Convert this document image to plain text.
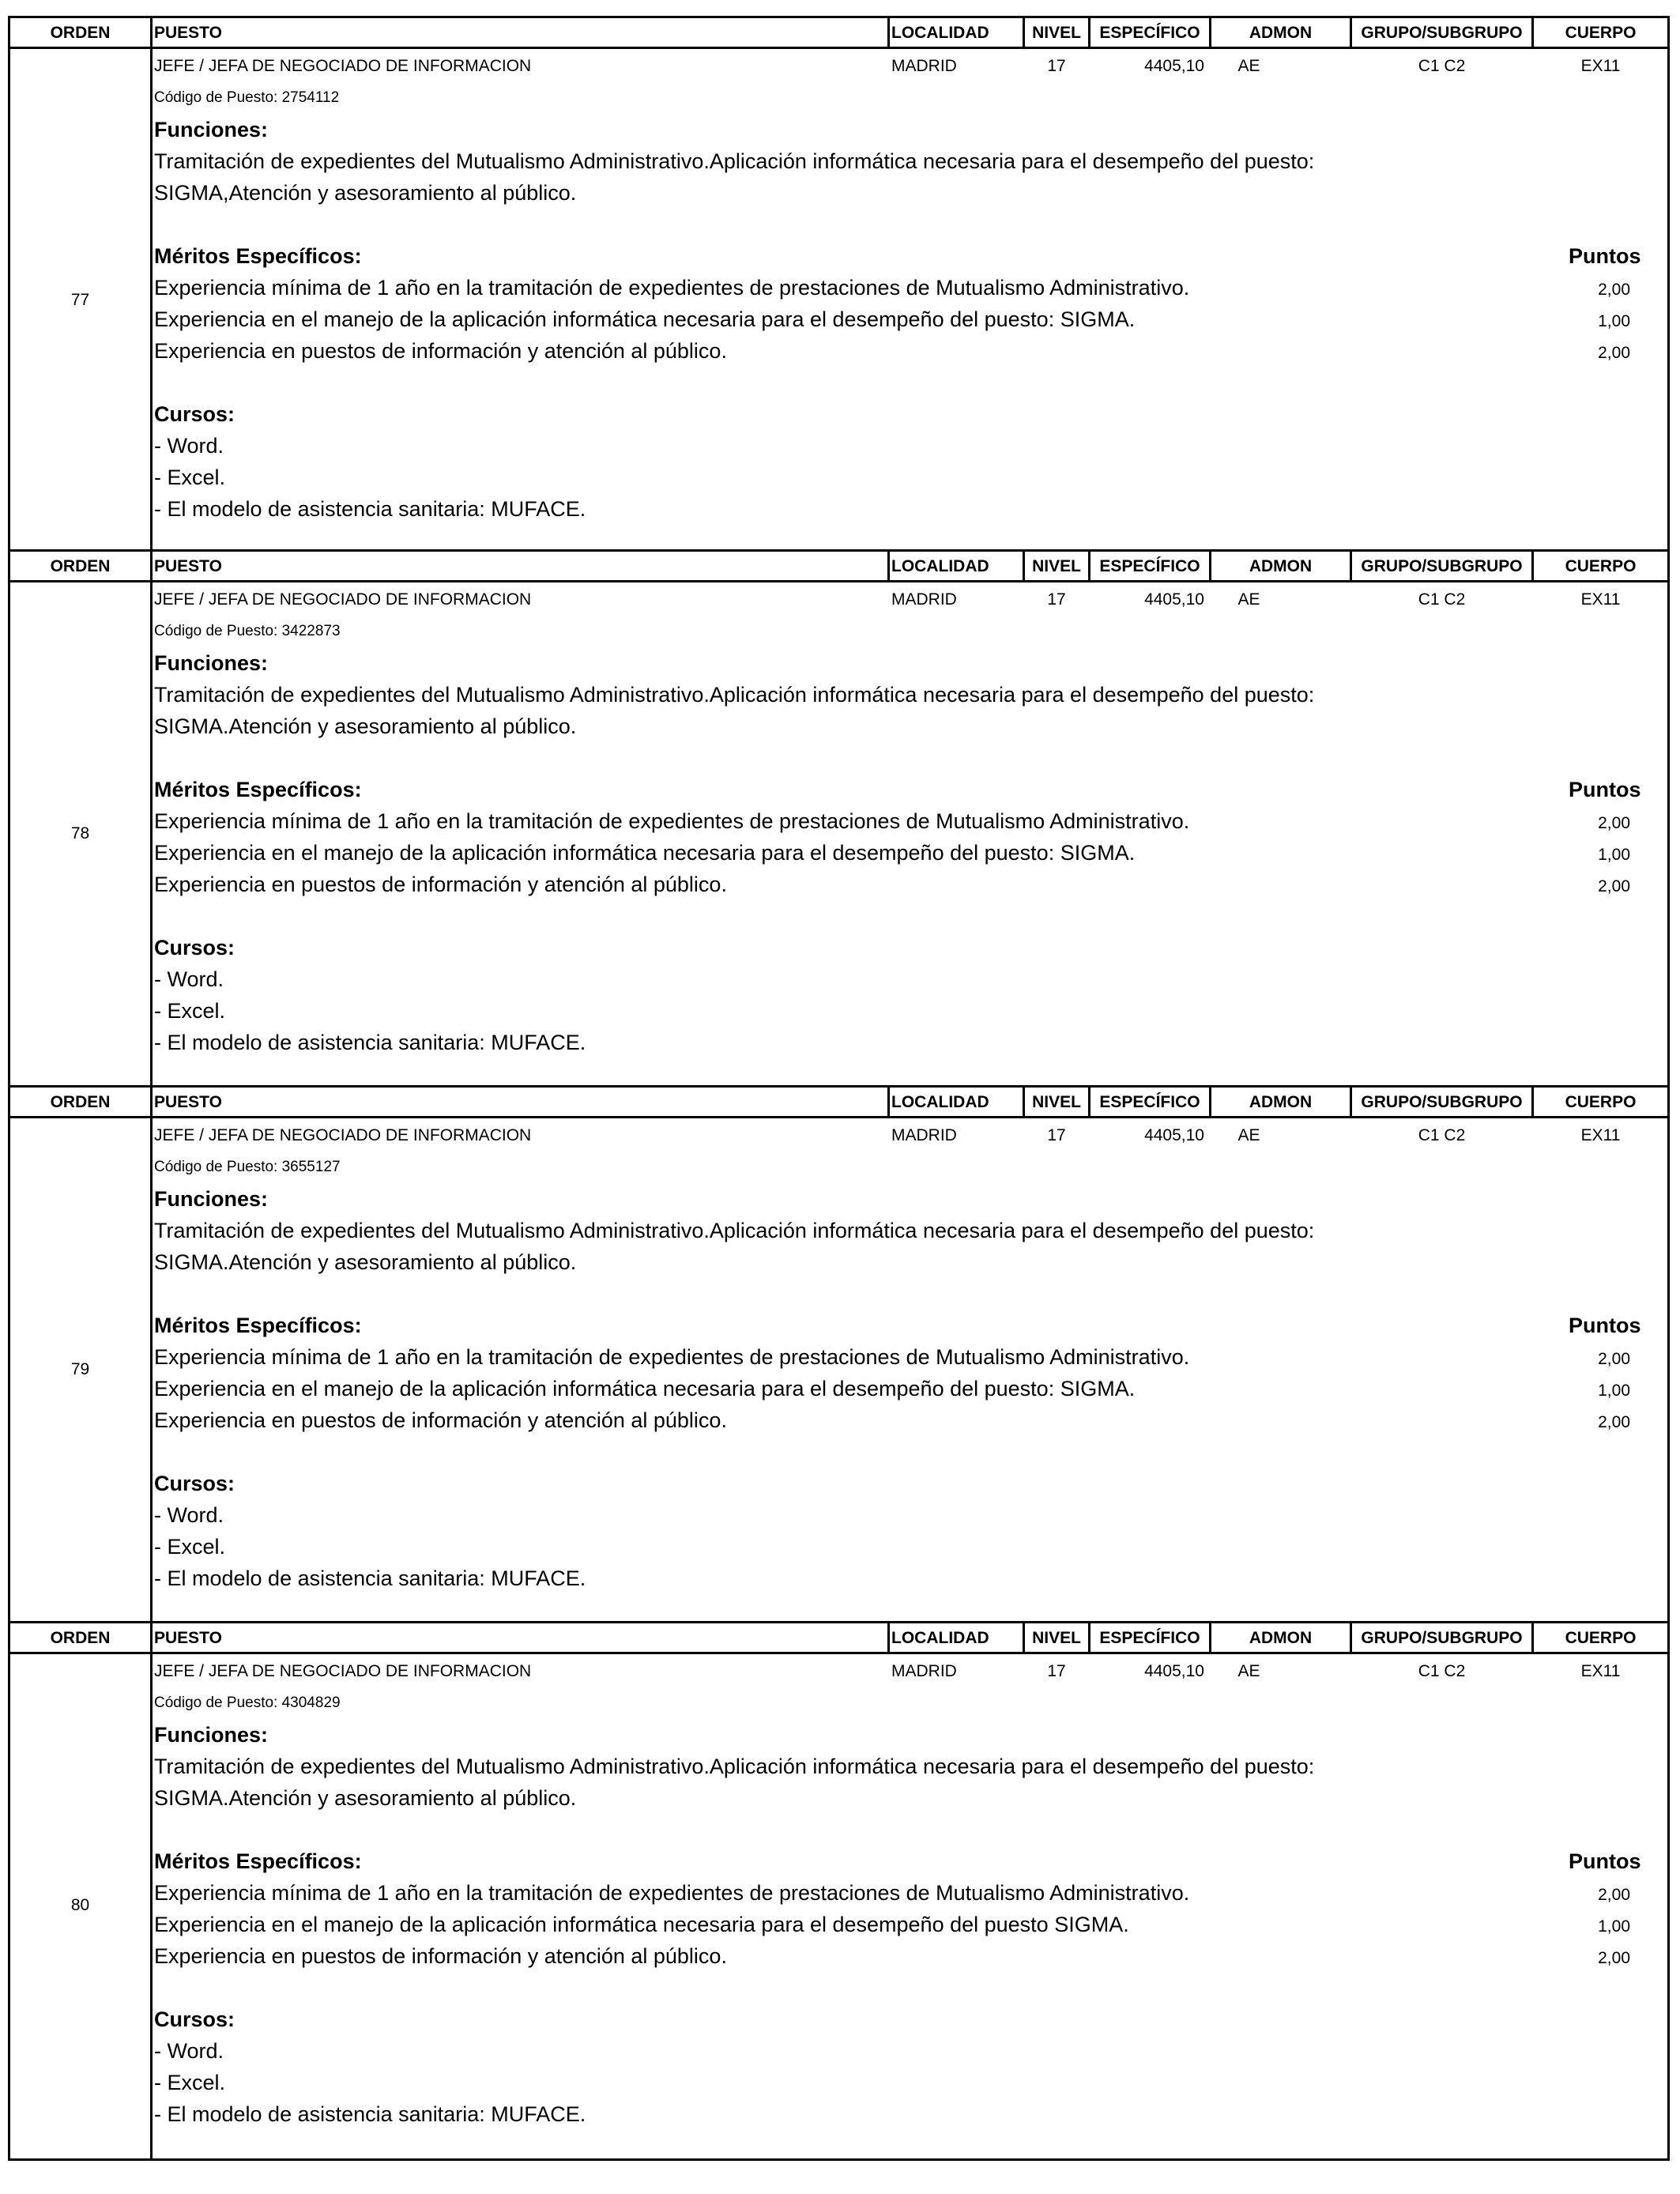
ORDEN	PUESTO	LOCALIDAD	NIVEL	ESPECÍFICO	ADMON	GRUPO/SUBGRUPO	CUERPO
77
JEFE / JEFA DE NEGOCIADO DE INFORMACION	MADRID	17	4405,10	AE	C1 C2	EX11
Código de Puesto: 2754112
Funciones:
Tramitación de expedientes del Mutualismo Administrativo.Aplicación informática necesaria para el desempeño del puesto:
SIGMA,Atención y asesoramiento al público.
Méritos Específicos:	Puntos
Experiencia mínima de 1 año en la tramitación de expedientes de prestaciones de Mutualismo Administrativo.	2,00
Experiencia en el manejo de la aplicación informática necesaria para el desempeño del puesto: SIGMA.	1,00
Experiencia en puestos de información y atención al público.	2,00
Cursos:
- Word.
- Excel.
- El modelo de asistencia sanitaria: MUFACE.
ORDEN	PUESTO	LOCALIDAD	NIVEL	ESPECÍFICO	ADMON	GRUPO/SUBGRUPO	CUERPO
78
JEFE / JEFA DE NEGOCIADO DE INFORMACION	MADRID	17	4405,10	AE	C1 C2	EX11
Código de Puesto: 3422873
Funciones:
Tramitación de expedientes del Mutualismo Administrativo.Aplicación informática necesaria para el desempeño del puesto:
SIGMA.Atención y asesoramiento al público.
Méritos Específicos:	Puntos
Experiencia mínima de 1 año en la tramitación de expedientes de prestaciones de Mutualismo Administrativo.	2,00
Experiencia en el manejo de la aplicación informática necesaria para el desempeño del puesto: SIGMA.	1,00
Experiencia en puestos de información y atención al público.	2,00
Cursos:
- Word.
- Excel.
- El modelo de asistencia sanitaria: MUFACE.
ORDEN	PUESTO	LOCALIDAD	NIVEL	ESPECÍFICO	ADMON	GRUPO/SUBGRUPO	CUERPO
79
JEFE / JEFA DE NEGOCIADO DE INFORMACION	MADRID	17	4405,10	AE	C1 C2	EX11
Código de Puesto: 3655127
Funciones:
Tramitación de expedientes del Mutualismo Administrativo.Aplicación informática necesaria para el desempeño del puesto:
SIGMA.Atención y asesoramiento al público.
Méritos Específicos:	Puntos
Experiencia mínima de 1 año en la tramitación de expedientes de prestaciones de Mutualismo Administrativo.	2,00
Experiencia en el manejo de la aplicación informática necesaria para el desempeño del puesto: SIGMA.	1,00
Experiencia en puestos de información y atención al público.	2,00
Cursos:
- Word.
- Excel.
- El modelo de asistencia sanitaria: MUFACE.
ORDEN	PUESTO	LOCALIDAD	NIVEL	ESPECÍFICO	ADMON	GRUPO/SUBGRUPO	CUERPO
80
JEFE / JEFA DE NEGOCIADO DE INFORMACION	MADRID	17	4405,10	AE	C1 C2	EX11
Código de Puesto: 4304829
Funciones:
Tramitación de expedientes del Mutualismo Administrativo.Aplicación informática necesaria para el desempeño del puesto:
SIGMA.Atención y asesoramiento al público.
Méritos Específicos:	Puntos
Experiencia mínima de 1 año en la tramitación de expedientes de prestaciones de Mutualismo Administrativo.	2,00
Experiencia en el manejo de la aplicación informática necesaria para el desempeño del puesto SIGMA.	1,00
Experiencia en puestos de información y atención al público.	2,00
Cursos:
- Word.
- Excel.
- El modelo de asistencia sanitaria: MUFACE.
